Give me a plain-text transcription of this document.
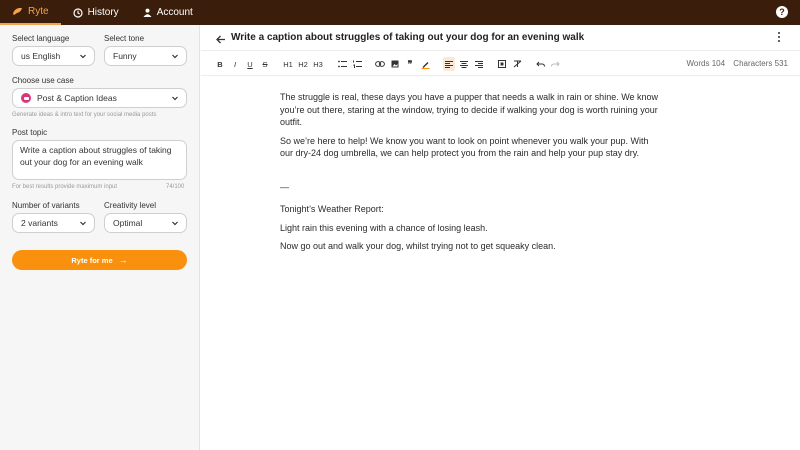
Ryte	History	Account	?
Select language
us English
Select tone
Funny
Choose use case
Post & Caption Ideas
Generate ideas & intro text for your social media posts
Post topic
Write a caption about struggles of taking out your dog for an evening walk
For best results provide maximum input	74/100
Number of variants
2 variants
Creativity level
Optimal
Ryte for me →
Write a caption about struggles of taking out your dog for an evening walk
B	I	U	S	H1 H2 H3	❞	Words 104 Characters 531

The struggle is real, these days you have a pupper that needs a walk in rain or shine. We know you’re out there, staring at the window, trying to decide if walking your dog is worth ruining your outfit.

So we’re here to help! We know you want to look on point whenever you walk your pup. With our dry-24 dog umbrella, we can help protect you from the rain and help your pup stay dry.

—

Tonight’s Weather Report:

Light rain this evening with a chance of losing leash.

Now go out and walk your dog, whilst trying not to get squeaky clean.
